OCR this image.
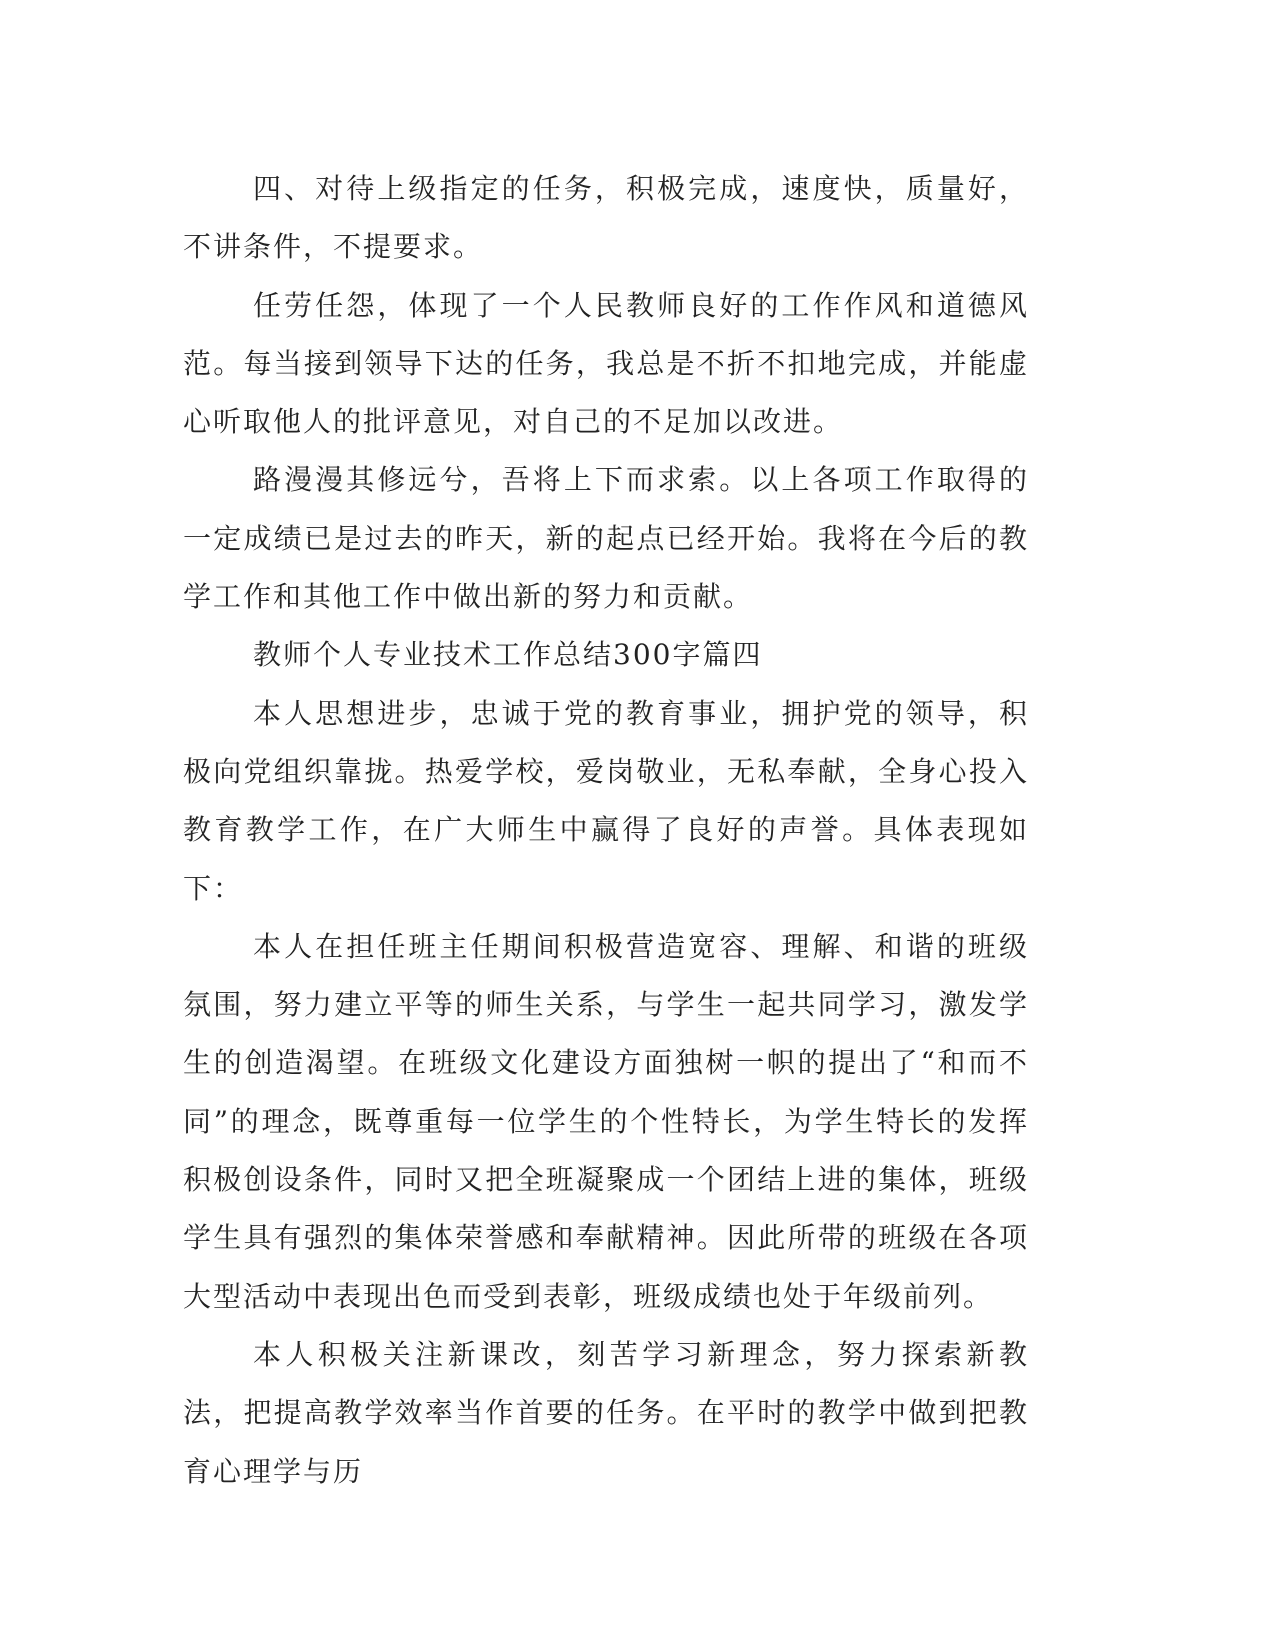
四、对待上级指定的任务，积极完成，速度快，质量好，不讲条件，不提要求。

任劳任怨，体现了一个人民教师良好的工作作风和道德风范。每当接到领导下达的任务，我总是不折不扣地完成，并能虚心听取他人的批评意见，对自己的不足加以改进。

路漫漫其修远兮，吾将上下而求索。以上各项工作取得的一定成绩已是过去的昨天，新的起点已经开始。我将在今后的教学工作和其他工作中做出新的努力和贡献。

教师个人专业技术工作总结300字篇四

本人思想进步，忠诚于党的教育事业，拥护党的领导，积极向党组织靠拢。热爱学校，爱岗敬业，无私奉献，全身心投入教育教学工作，在广大师生中赢得了良好的声誉。具体表现如下：

本人在担任班主任期间积极营造宽容、理解、和谐的班级氛围，努力建立平等的师生关系，与学生一起共同学习，激发学生的创造渴望。在班级文化建设方面独树一帜的提出了“和而不同”的理念，既尊重每一位学生的个性特长，为学生特长的发挥积极创设条件，同时又把全班凝聚成一个团结上进的集体，班级学生具有强烈的集体荣誉感和奉献精神。因此所带的班级在各项大型活动中表现出色而受到表彰，班级成绩也处于年级前列。

本人积极关注新课改，刻苦学习新理念，努力探索新教法，把提高教学效率当作首要的任务。在平时的教学中做到把教育心理学与历
